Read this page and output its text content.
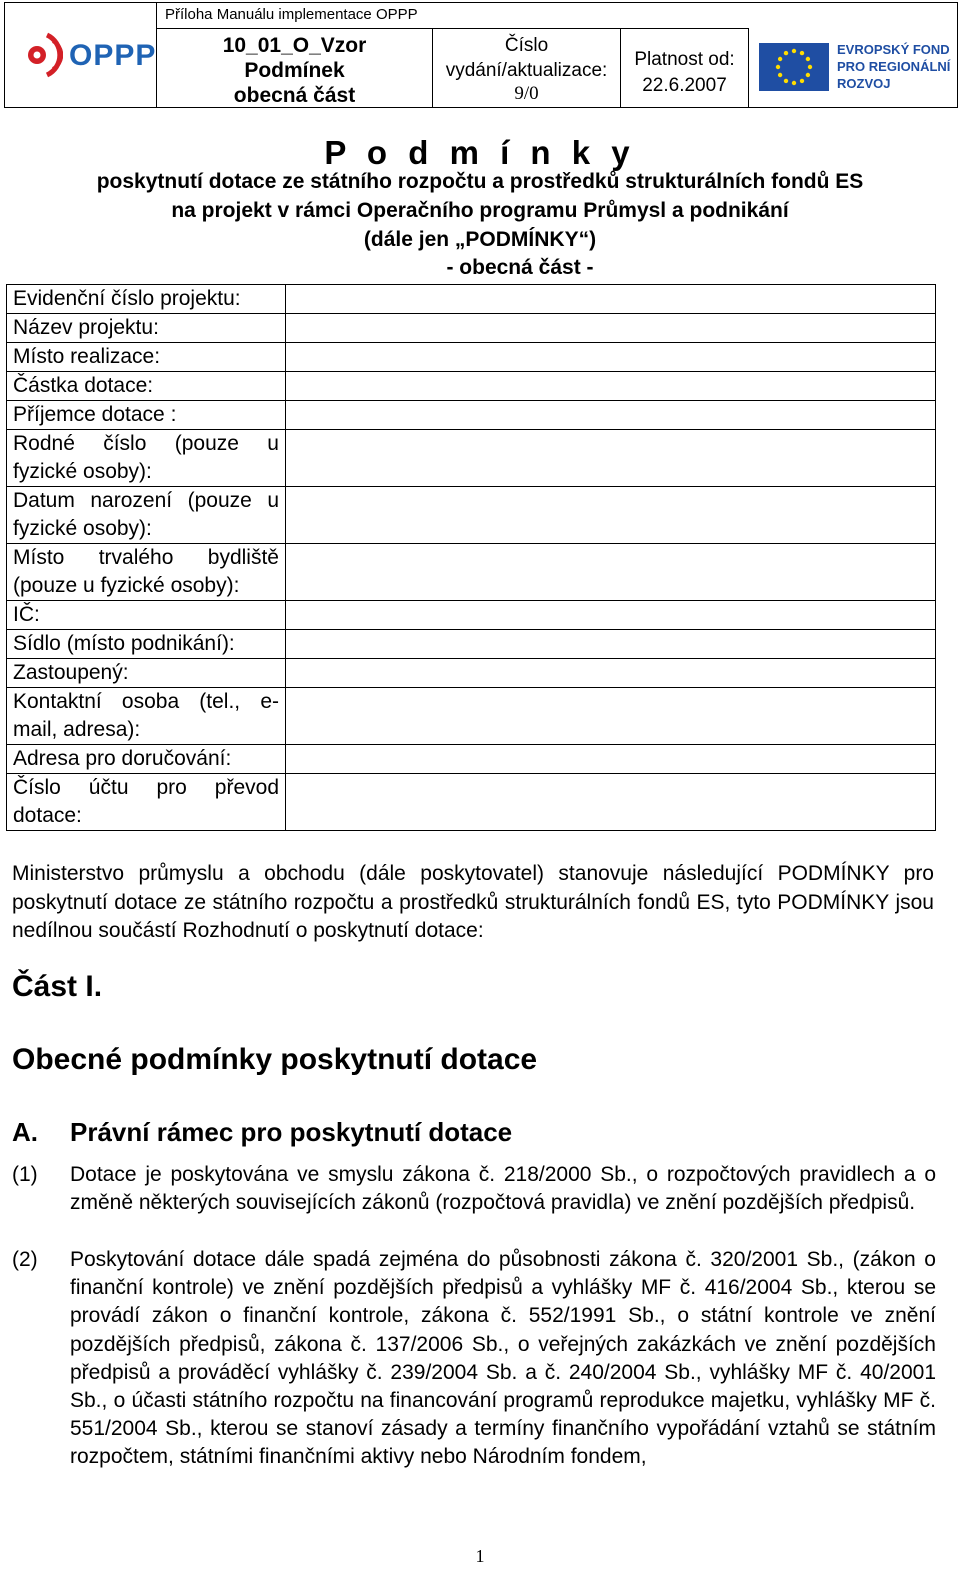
OPPP
Příloha Manuálu implementace OPPP
10_01_O_Vzor
Podmínek
obecná část
Číslo
vydání/aktualizace:
9/0
Platnost od:
22.6.2007
EVROPSKÝ FOND
PRO REGIONÁLNÍ
ROZVOJ
P o d m í n k y
poskytnutí dotace ze státního rozpočtu a prostředků strukturálních fondů ES
na projekt v rámci Operačního programu Průmysl a podnikání
(dále jen „PODMÍNKY“)
- obecná část -
Evidenční číslo projektu:	
Název projektu:	
Místo realizace:	
Částka dotace:	
Příjemce dotace :	
Rodné číslo (pouze u fyzické osoby):	
Datum narození (pouze u fyzické osoby):	
Místo trvalého bydliště (pouze u fyzické osoby):	
IČ:	
Sídlo (místo podnikání):	
Zastoupený:	
Kontaktní osoba (tel., e-mail, adresa):	
Adresa pro doručování:	
Číslo účtu pro převod dotace:	
Ministerstvo průmyslu a obchodu (dále poskytovatel) stanovuje následující PODMÍNKY pro poskytnutí dotace ze státního rozpočtu a prostředků strukturálních fondů ES, tyto PODMÍNKY jsou nedílnou součástí Rozhodnutí o poskytnutí dotace:
Část I.
Obecné podmínky poskytnutí dotace
A. Právní rámec pro poskytnutí dotace
(1) Dotace je poskytována ve smyslu zákona č. 218/2000 Sb., o rozpočtových pravidlech a o změně některých souvisejících zákonů (rozpočtová pravidla) ve znění pozdějších předpisů.
(2) Poskytování dotace dále spadá zejména do působnosti zákona č. 320/2001 Sb., (zákon o finanční kontrole) ve znění pozdějších předpisů a vyhlášky MF č. 416/2004 Sb., kterou se provádí zákon o finanční kontrole, zákona č. 552/1991 Sb., o státní kontrole ve znění pozdějších předpisů, zákona č. 137/2006 Sb., o veřejných zakázkách ve znění pozdějších předpisů a prováděcí vyhlášky č. 239/2004 Sb. a č. 240/2004 Sb., vyhlášky MF č. 40/2001 Sb., o účasti státního rozpočtu na financování programů reprodukce majetku, vyhlášky MF č. 551/2004 Sb., kterou se stanoví zásady a termíny finančního vypořádání vztahů se státním rozpočtem, státními finančními aktivy nebo Národním fondem,
1
